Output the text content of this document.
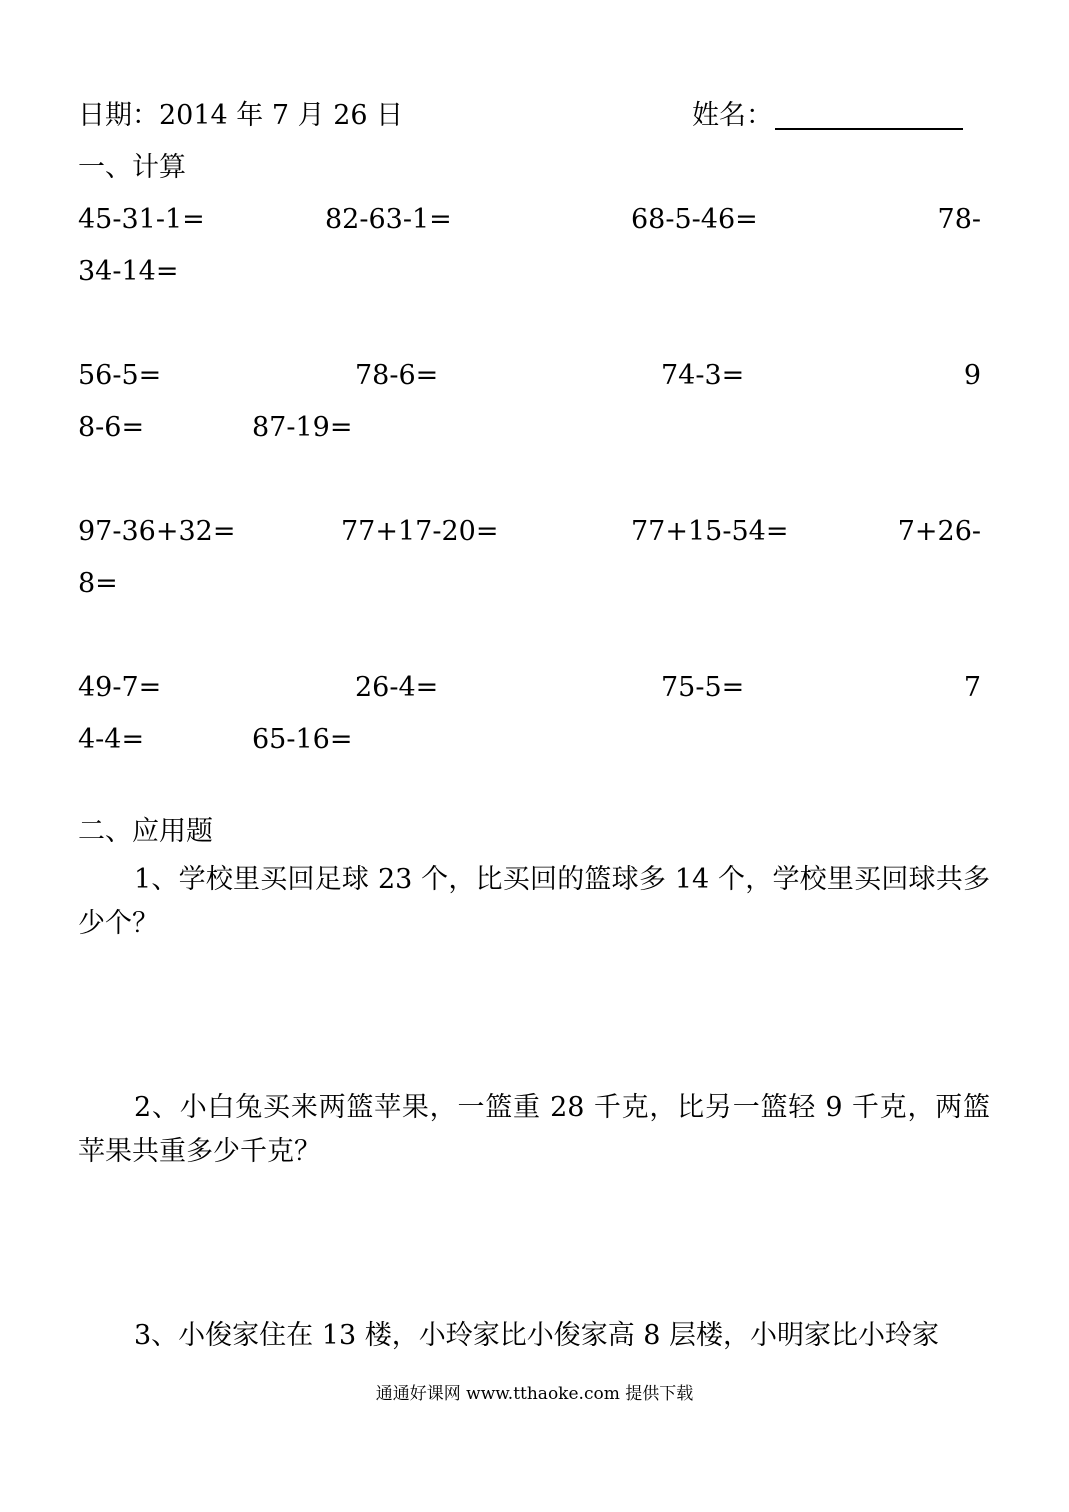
日期：2014 年 7 月 26 日	姓名：
一、计算
45-31-1=	82-63-1=	68-5-46=	78-
34-14=
56-5=	78-6=	74-3=	9
8-6=	87-19=
97-36+32=	77+17-20=	77+15-54=	7+26-
8=
49-7=	26-4=	75-5=	7
4-4=	65-16=
二、应用题
1、学校里买回足球 23 个，比买回的篮球多 14 个，学校里买回球共多少个？
2、小白兔买来两篮苹果，一篮重 28 千克，比另一篮轻 9 千克，两篮苹果共重多少千克？
3、小俊家住在 13 楼，小玲家比小俊家高 8 层楼，小明家比小玲家
通通好课网 www.tthaoke.com 提供下载
